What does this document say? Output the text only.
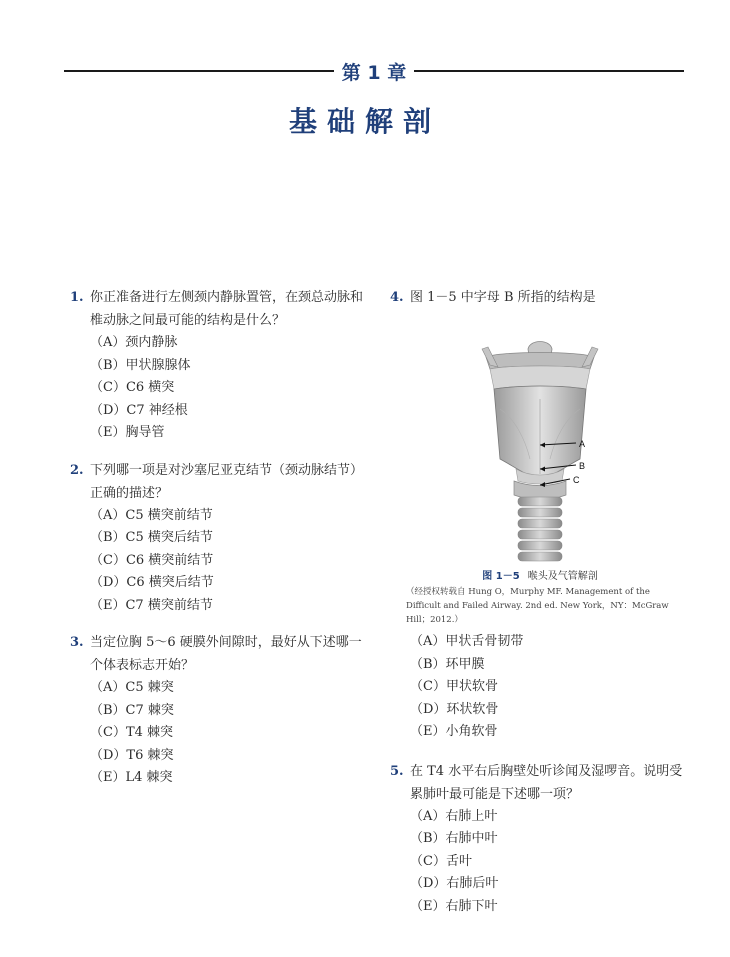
第 1 章
基础解剖
1. 你正准备进行左侧颈内静脉置管，在颈总动脉和椎动脉之间最可能的结构是什么？
（A）颈内静脉
（B）甲状腺腺体
（C）C6 横突
（D）C7 神经根
（E）胸导管
2. 下列哪一项是对沙塞尼亚克结节（颈动脉结节）正确的描述？
（A）C5 横突前结节
（B）C5 横突后结节
（C）C6 横突前结节
（D）C6 横突后结节
（E）C7 横突前结节
3. 当定位胸 5～6 硬膜外间隙时，最好从下述哪一个体表标志开始？
（A）C5 棘突
（B）C7 棘突
（C）T4 棘突
（D）T6 棘突
（E）L4 棘突
4. 图 1－5 中字母 B 所指的结构是
A
B
C
图 1－5 喉头及气管解剖
（经授权转载自 Hung O，Murphy MF. Management of the Difficult and Failed Airway. 2nd ed. New York，NY：McGraw Hill；2012.）
（A）甲状舌骨韧带
（B）环甲膜
（C）甲状软骨
（D）环状软骨
（E）小角软骨
5. 在 T4 水平右后胸壁处听诊闻及湿啰音。说明受累肺叶最可能是下述哪一项？
（A）右肺上叶
（B）右肺中叶
（C）舌叶
（D）右肺后叶
（E）右肺下叶
